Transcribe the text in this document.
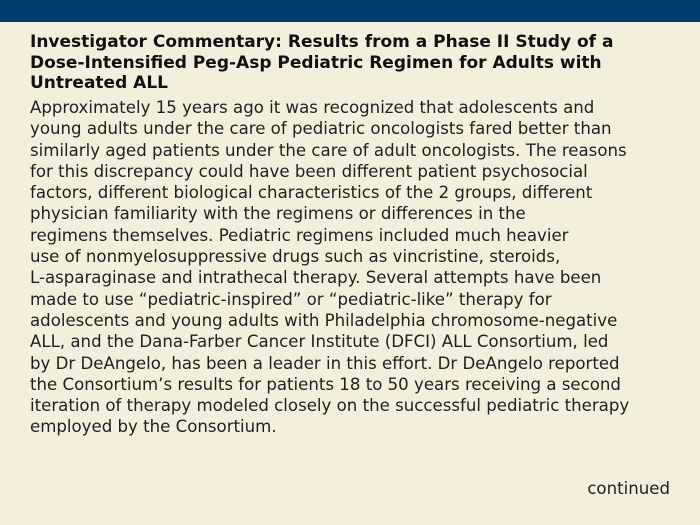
Investigator Commentary: Results from a Phase II Study of a
Dose-Intensified Peg-Asp Pediatric Regimen for Adults with
Untreated ALL

Approximately 15 years ago it was recognized that adolescents and
young adults under the care of pediatric oncologists fared better than
similarly aged patients under the care of adult oncologists. The reasons
for this discrepancy could have been different patient psychosocial
factors, different biological characteristics of the 2 groups, different
physician familiarity with the regimens or differences in the
regimens themselves. Pediatric regimens included much heavier
use of nonmyelosuppressive drugs such as vincristine, steroids,
L-asparaginase and intrathecal therapy. Several attempts have been
made to use “pediatric-inspired” or “pediatric-like” therapy for
adolescents and young adults with Philadelphia chromosome-negative
ALL, and the Dana-Farber Cancer Institute (DFCI) ALL Consortium, led
by Dr DeAngelo, has been a leader in this effort. Dr DeAngelo reported
the Consortium’s results for patients 18 to 50 years receiving a second
iteration of therapy modeled closely on the successful pediatric therapy
employed by the Consortium.

continued
